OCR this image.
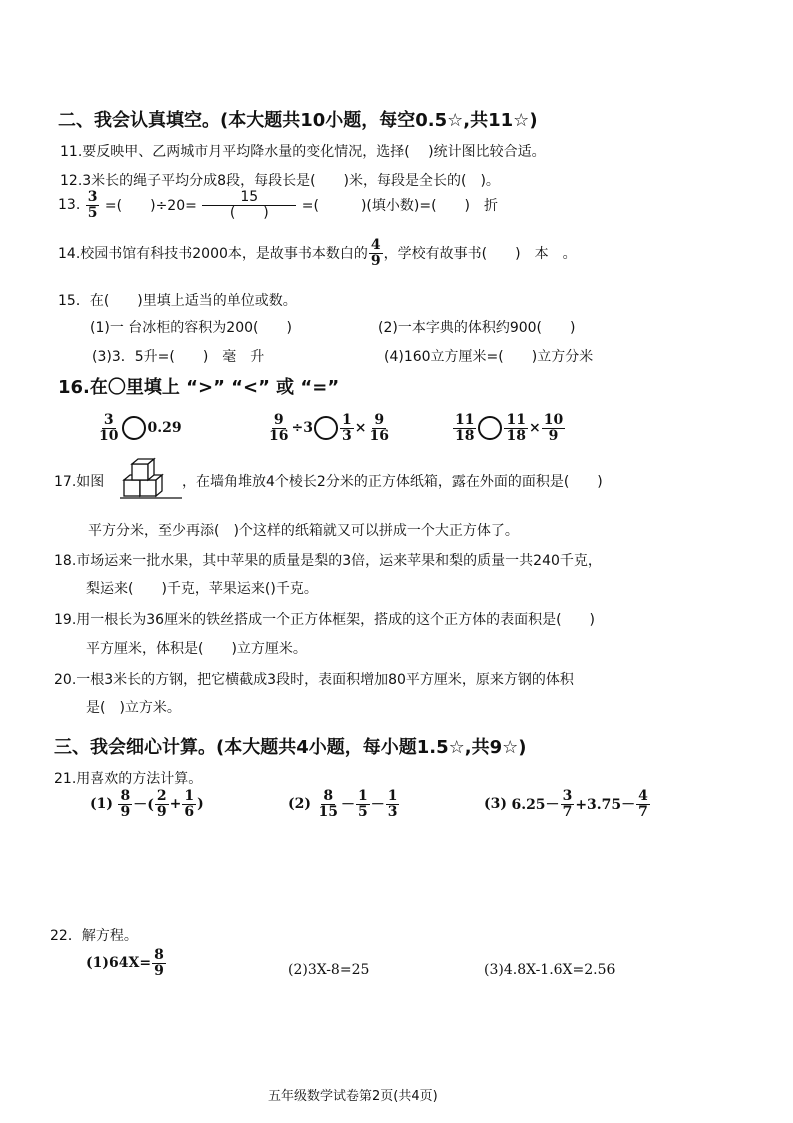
二、我会认真填空。(本大题共10小题，每空0.5☆,共11☆)
11.要反映甲、乙两城市月平均降水量的变化情况，选择(　 )统计图比较合适。
12.3米长的绳子平均分成8段，每段长是(　　)米，每段是全长的(　)。
13. $\frac{3}{5}$ =(　　)$\div 20= \frac{15}{( )}$ =(　　　)(填小数)=(　　)　折
14.校园书馆有科技书2000本，是故事书本数白的 $\frac{4}{9}$ ，学校有故事书(　　)　本　。
15．在(　　)里填上适当的单位或数。
(1)一 台冰柜的容积为200(　　)	(2)一本字典的体积约900(　　)
(3)3．5升=(　　)　毫　升	(4)160立方厘米=(　　)立方分米
16.在〇里填上 “>” “<” 或 “=”
$\frac{3}{10} 0.29$	$\frac{9}{16} \div 3 \frac{1}{3} \times \frac{9}{16}$	$\frac{11}{18} \frac{11}{18} \times \frac{10}{9}$
17.如图	，在墙角堆放4个棱长2分米的正方体纸箱，露在外面的面积是(　　)
平方分米，至少再添(　)个这样的纸箱就又可以拼成一个大正方体了。
18.市场运来一批水果，其中苹果的质量是梨的3倍，运来苹果和梨的质量一共240千克，
梨运来(　　)千克，苹果运来()千克。
19.用一根长为36厘米的铁丝搭成一个正方体框架，搭成的这个正方体的表面积是(　　)
平方厘米，体积是(　　)立方厘米。
20.一根3米长的方钢，把它横截成3段时，表面积增加80平方厘米，原来方钢的体积
是(　)立方米。
三、我会细心计算。(本大题共4小题，每小题1.5☆,共9☆)
21.用喜欢的方法计算。
$(1) \frac{8}{9}$ －( $\frac{2}{9} + \frac{1}{6}$ )	$(2) \frac{8}{15} - \frac{1}{5} - \frac{1}{3}$	(3) $6.25- \frac{3}{7} +3.75- \frac{4}{7}$
22．解方程。
$(1)64X= \frac{8}{9}$	(2)3X-8=25	(3)4.8X-1.6X=2.56
五年级数学试卷第2页(共4页)
